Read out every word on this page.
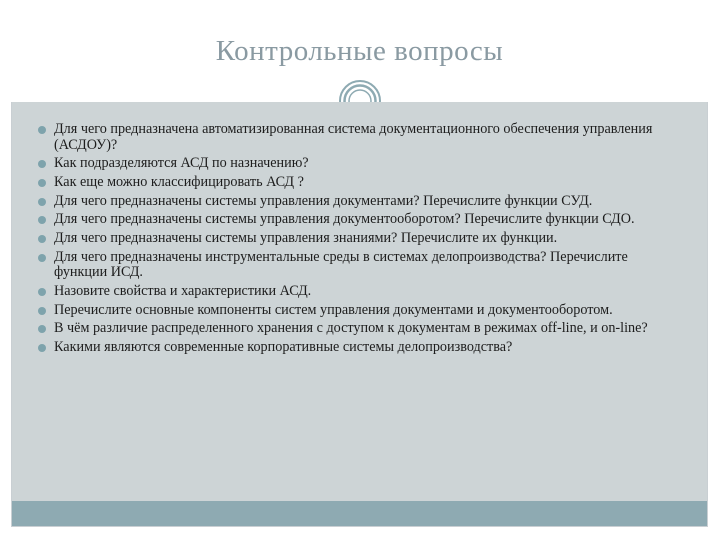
Контрольные вопросы
Для чего предназначена автоматизированная система документационного обеспечения управления (АСДОУ)?
Как подразделяются АСД по назначению?
Как еще можно классифицировать АСД ?
Для чего предназначены системы управления документами? Перечислите функции СУД.
Для чего предназначены системы управления документооборотом? Перечислите функции СДО.
Для чего предназначены системы управления знаниями? Перечислите их функции.
Для чего предназначены инструментальные среды в системах делопроизводства? Перечислите функции ИСД.
Назовите свойства и характеристики АСД.
Перечислите основные компоненты систем управления документами и документооборотом.
В чём различие распределенного хранения с доступом к документам в режимах off-line, и on-line?
Какими являются современные корпоративные системы делопроизводства?
